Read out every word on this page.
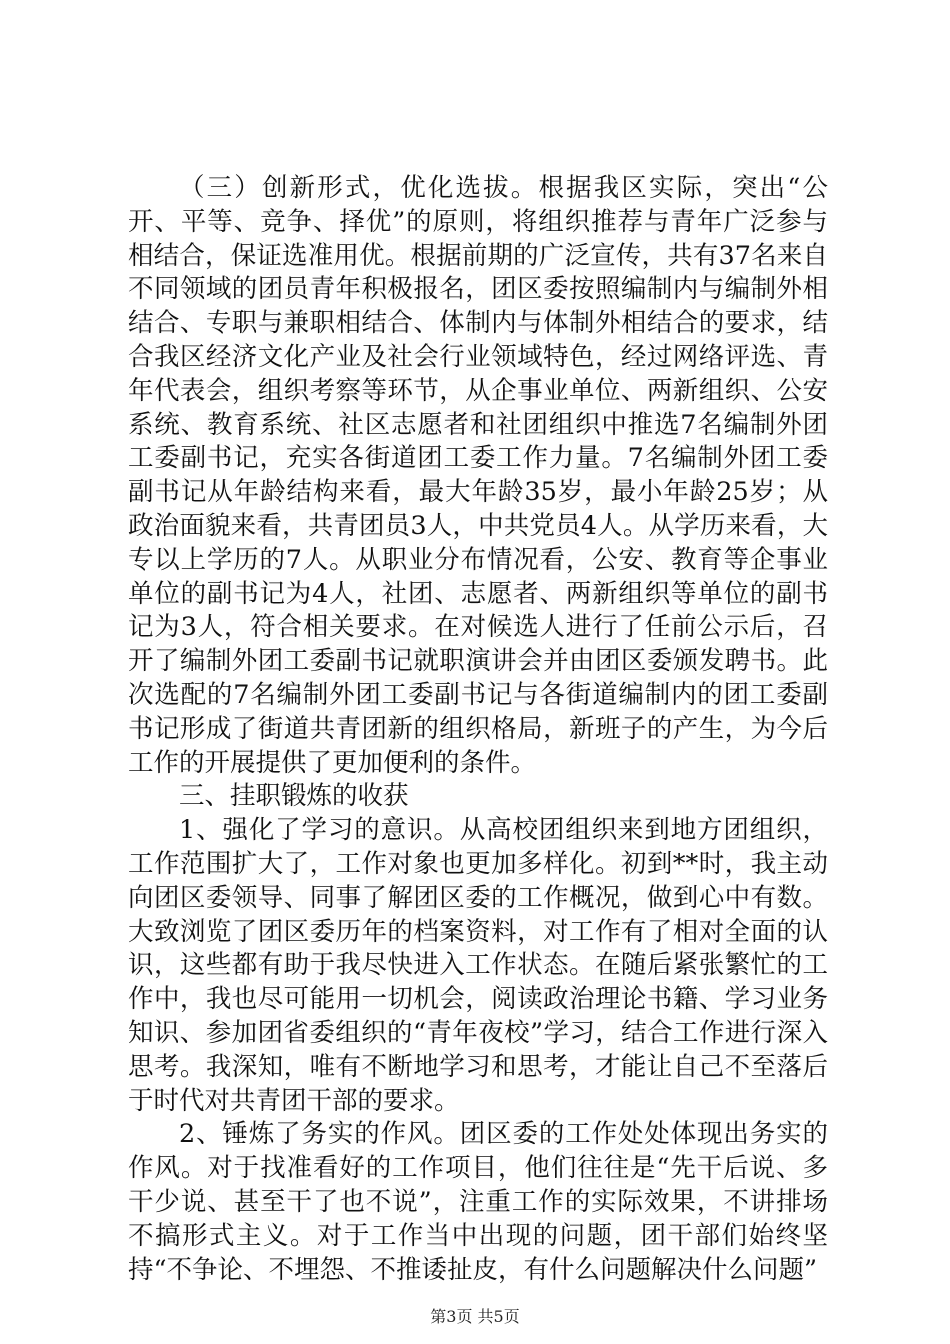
（三）创新形式，优化选拔。根据我区实际，突出“公开、平等、竞争、择优”的原则，将组织推荐与青年广泛参与相结合，保证选准用优。根据前期的广泛宣传，共有37名来自不同领域的团员青年积极报名，团区委按照编制内与编制外相结合、专职与兼职相结合、体制内与体制外相结合的要求，结合我区经济文化产业及社会行业领域特色，经过网络评选、青年代表会，组织考察等环节，从企事业单位、两新组织、公安系统、教育系统、社区志愿者和社团组织中推选7名编制外团工委副书记，充实各街道团工委工作力量。7名编制外团工委副书记从年龄结构来看，最大年龄35岁，最小年龄25岁；从政治面貌来看，共青团员3人，中共党员4人。从学历来看，大专以上学历的7人。从职业分布情况看，公安、教育等企事业单位的副书记为4人，社团、志愿者、两新组织等单位的副书记为3人，符合相关要求。在对候选人进行了任前公示后，召开了编制外团工委副书记就职演讲会并由团区委颁发聘书。此次选配的7名编制外团工委副书记与各街道编制内的团工委副书记形成了街道共青团新的组织格局，新班子的产生，为今后工作的开展提供了更加便利的条件。

三、挂职锻炼的收获

1、强化了学习的意识。从高校团组织来到地方团组织，工作范围扩大了，工作对象也更加多样化。初到**时，我主动向团区委领导、同事了解团区委的工作概况，做到心中有数。大致浏览了团区委历年的档案资料，对工作有了相对全面的认识，这些都有助于我尽快进入工作状态。在随后紧张繁忙的工作中，我也尽可能用一切机会，阅读政治理论书籍、学习业务知识、参加团省委组织的“青年夜校”学习，结合工作进行深入思考。我深知，唯有不断地学习和思考，才能让自己不至落后于时代对共青团干部的要求。

2、锤炼了务实的作风。团区委的工作处处体现出务实的作风。对于找准看好的工作项目，他们往往是“先干后说、多干少说、甚至干了也不说”，注重工作的实际效果，不讲排场不搞形式主义。对于工作当中出现的问题，团干部们始终坚持“不争论、不埋怨、不推诿扯皮，有什么问题解决什么问题”

第3页 共5页
